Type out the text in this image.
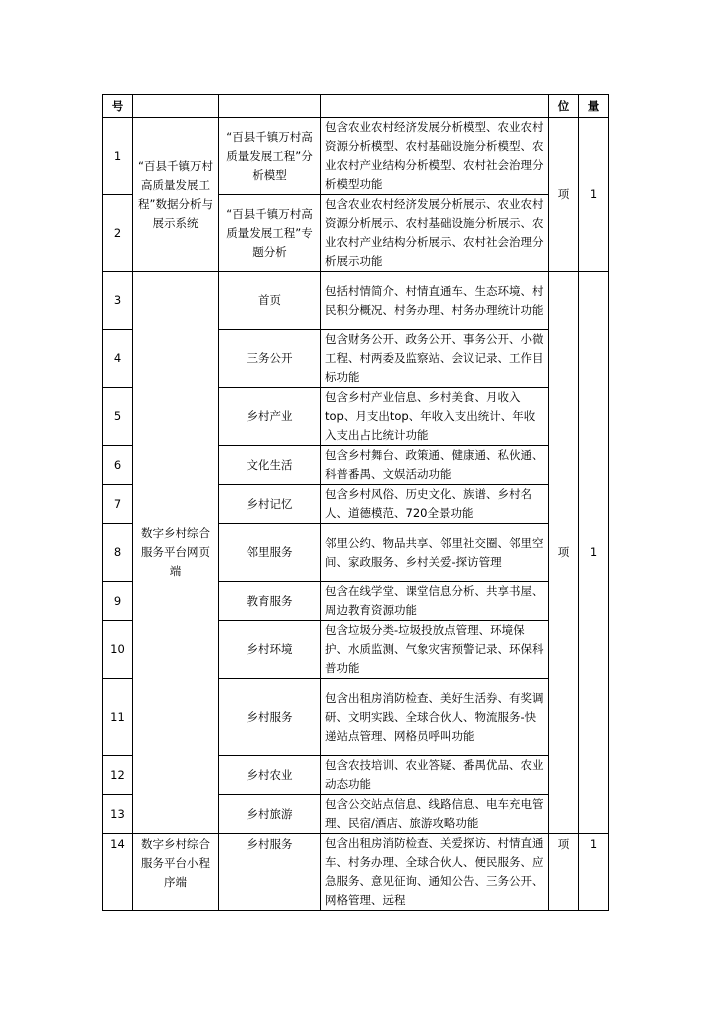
号				位	量
1	“百县千镇万村高质量发展工程”数据分析与展示系统	“百县千镇万村高质量发展工程”分析模型	包含农业农村经济发展分析模型、农业农村资源分析模型、农村基础设施分析模型、农业农村产业结构分析模型、农村社会治理分析模型功能	项	1
2		“百县千镇万村高质量发展工程”专题分析	包含农业农村经济发展分析展示、农业农村资源分析展示、农村基础设施分析展示、农业农村产业结构分析展示、农村社会治理分析展示功能		
3	数字乡村综合服务平台网页端	首页	包括村情简介、村情直通车、生态环境、村民积分概况、村务办理、村务办理统计功能	项	1
4		三务公开	包含财务公开、政务公开、事务公开、小微工程、村两委及监察站、会议记录、工作目标功能		
5		乡村产业	包含乡村产业信息、乡村美食、月收入top、月支出top、年收入支出统计、年收入支出占比统计功能		
6		文化生活	包含乡村舞台、政策通、健康通、私伙通、科普番禺、文娱活动功能		
7		乡村记忆	包含乡村风俗、历史文化、族谱、乡村名人、道德模范、720全景功能		
8		邻里服务	邻里公约、物品共享、邻里社交圈、邻里空间、家政服务、乡村关爱-探访管理		
9		教育服务	包含在线学堂、课堂信息分析、共享书屋、周边教育资源功能		
10		乡村环境	包含垃圾分类-垃圾投放点管理、环境保护、水质监测、气象灾害预警记录、环保科普功能		
11		乡村服务	包含出租房消防检查、美好生活券、有奖调研、文明实践、全球合伙人、物流服务-快递站点管理、网格员呼叫功能		
12		乡村农业	包含农技培训、农业答疑、番禺优品、农业动态功能		
13		乡村旅游	包含公交站点信息、线路信息、电车充电管理、民宿/酒店、旅游攻略功能		
14	数字乡村综合服务平台小程序端	乡村服务	包含出租房消防检查、关爱探访、村情直通车、村务办理、全球合伙人、便民服务、应急服务、意见征询、通知公告、三务公开、网格管理、远程	项	1
